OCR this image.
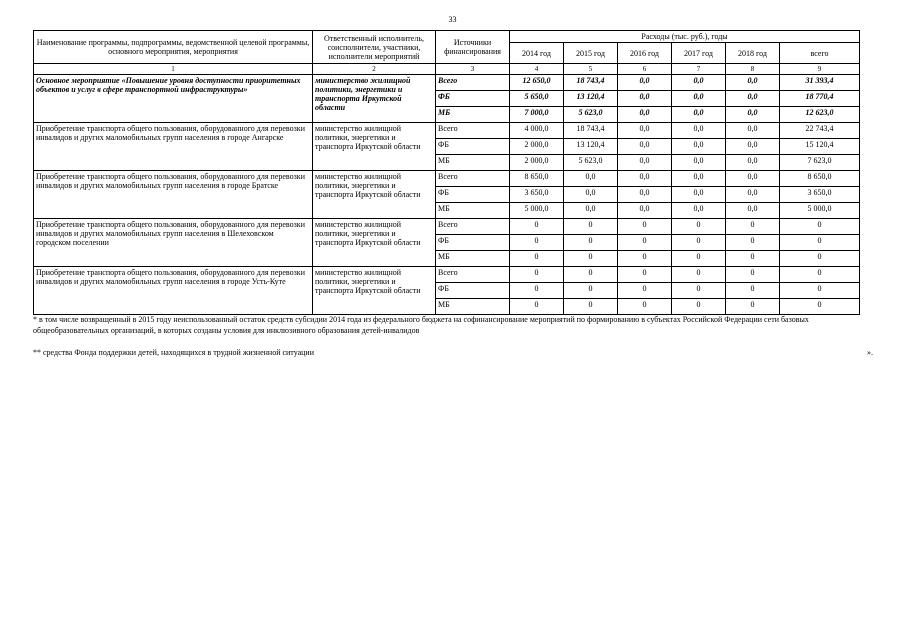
33
Наименование программы, подпрограммы, ведомственной целевой программы, основного мероприятия, мероприятия	Ответственный исполнитель, соисполнители, участники, исполнители мероприятий	Источники финансирования	Расходы (тыс. руб.), годы					
			2014 год	2015 год	2016 год	2017 год	2018 год	всего
1	2	3	4	5	6	7	8	9
Основное мероприятие «Повышение уровня доступности приоритетных объектов и услуг в сфере транспортной инфраструктуры»	министерство жилищной политики, энергетики и транспорта Иркутской области	Всего	12 650,0	18 743,4	0,0	0,0	0,0	31 393,4
		ФБ	5 650,0	13 120,4	0,0	0,0	0,0	18 770,4
		МБ	7 000,0	5 623,0	0,0	0,0	0,0	12 623,0
Приобретение транспорта общего пользования, оборудованного для перевозки инвалидов и других маломобильных групп населения в городе Ангарске	министерство жилищной политики, энергетики и транспорта Иркутской области	Всего	4 000,0	18 743,4	0,0	0,0	0,0	22 743,4
		ФБ	2 000,0	13 120,4	0,0	0,0	0,0	15 120,4
		МБ	2 000,0	5 623,0	0,0	0,0	0,0	7 623,0
Приобретение транспорта общего пользования, оборудованного для перевозки инвалидов и других маломобильных групп населения в городе Братске	министерство жилищной политики, энергетики и транспорта Иркутской области	Всего	8 650,0	0,0	0,0	0,0	0,0	8 650,0
		ФБ	3 650,0	0,0	0,0	0,0	0,0	3 650,0
		МБ	5 000,0	0,0	0,0	0,0	0,0	5 000,0
Приобретение транспорта общего пользования, оборудованного для перевозки инвалидов и других маломобильных групп населения в Шелеховском городском поселении	министерство жилищной политики, энергетики и транспорта Иркутской области	Всего	0	0	0	0	0	0
		ФБ	0	0	0	0	0	0
		МБ	0	0	0	0	0	0
Приобретение транспорта общего пользования, оборудованного для перевозки инвалидов и других маломобильных групп населения в городе Усть-Куте	министерство жилищной политики, энергетики и транспорта Иркутской области	Всего	0	0	0	0	0	0
		ФБ	0	0	0	0	0	0
		МБ	0	0	0	0	0	0

* в том числе возвращенный в 2015 году неиспользованный остаток средств субсидии 2014 года из федерального бюджета на софинансирование мероприятий по формированию в субъектах Российской Федерации сети базовых общеобразовательных организаций, в которых созданы условия для инклюзивного образования детей-инвалидов

** средства Фонда поддержки детей, находящихся в трудной жизненной ситуации	».
